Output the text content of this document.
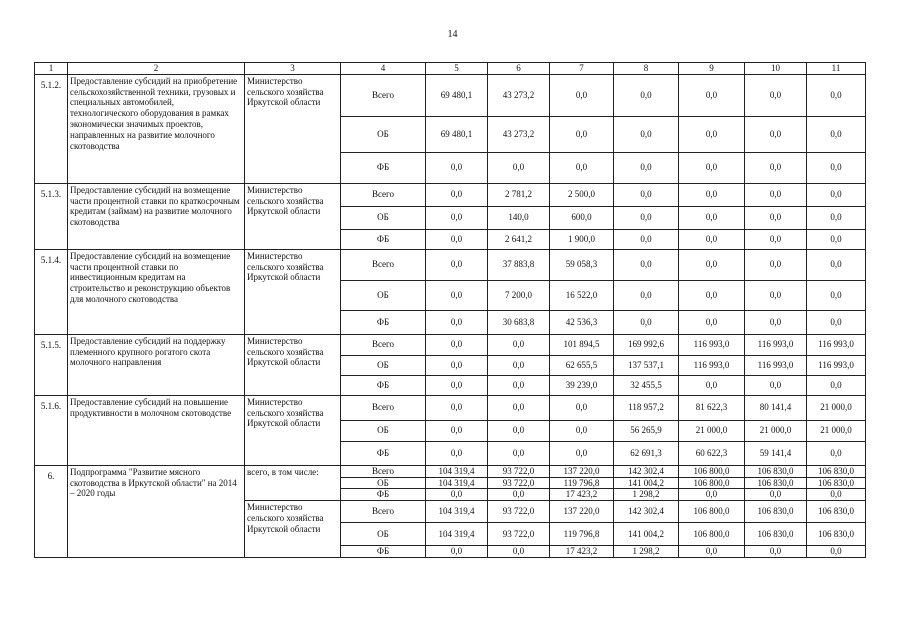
14
1	2	3	4	5	6	7	8	9	10	11
5.1.2.	Предоставление субсидий на приобретение сельскохозяйственной техники, грузовых и специальных автомобилей, технологического оборудования в рамках экономически значимых проектов, направленных на развитие молочного скотоводства	Министерство сельского хозяйства Иркутской области	Всего	69 480,1	43 273,2	0,0	0,0	0,0	0,0	0,0
			ОБ	69 480,1	43 273,2	0,0	0,0	0,0	0,0	0,0
			ФБ	0,0	0,0	0,0	0,0	0,0	0,0	0,0
5.1.3.	Предоставление субсидий на возмещение части процентной ставки по краткосрочным кредитам (займам) на развитие молочного скотоводства	Министерство сельского хозяйства Иркутской области	Всего	0,0	2 781,2	2 500,0	0,0	0,0	0,0	0,0
			ОБ	0,0	140,0	600,0	0,0	0,0	0,0	0,0
			ФБ	0,0	2 641,2	1 900,0	0,0	0,0	0,0	0,0
5.1.4.	Предоставление субсидий на возмещение части процентной ставки по инвестиционным кредитам на строительство и реконструкцию объектов для молочного скотоводства	Министерство сельского хозяйства Иркутской области	Всего	0,0	37 883,8	59 058,3	0,0	0,0	0,0	0,0
			ОБ	0,0	7 200,0	16 522,0	0,0	0,0	0,0	0,0
			ФБ	0,0	30 683,8	42 536,3	0,0	0,0	0,0	0,0
5.1.5.	Предоставление субсидий на поддержку племенного крупного рогатого скота молочного направления	Министерство сельского хозяйства Иркутской области	Всего	0,0	0,0	101 894,5	169 992,6	116 993,0	116 993,0	116 993,0
			ОБ	0,0	0,0	62 655,5	137 537,1	116 993,0	116 993,0	116 993,0
			ФБ	0,0	0,0	39 239,0	32 455,5	0,0	0,0	0,0
5.1.6.	Предоставление субсидий на повышение продуктивности в молочном скотоводстве	Министерство сельского хозяйства Иркутской области	Всего	0,0	0,0	0,0	118 957,2	81 622,3	80 141,4	21 000,0
			ОБ	0,0	0,0	0,0	56 265,9	21 000,0	21 000,0	21 000,0
			ФБ	0,0	0,0	0,0	62 691,3	60 622,3	59 141,4	0,0
6.	Подпрограмма "Развитие мясного скотоводства в Иркутской области" на 2014 – 2020 годы	всего, в том числе:	Всего	104 319,4	93 722,0	137 220,0	142 302,4	106 800,0	106 830,0	106 830,0
			ОБ	104 319,4	93 722,0	119 796,8	141 004,2	106 800,0	106 830,0	106 830,0
			ФБ	0,0	0,0	17 423,2	1 298,2	0,0	0,0	0,0
		Министерство сельского хозяйства Иркутской области	Всего	104 319,4	93 722,0	137 220,0	142 302,4	106 800,0	106 830,0	106 830,0
			ОБ	104 319,4	93 722,0	119 796,8	141 004,2	106 800,0	106 830,0	106 830,0
			ФБ	0,0	0,0	17 423,2	1 298,2	0,0	0,0	0,0
